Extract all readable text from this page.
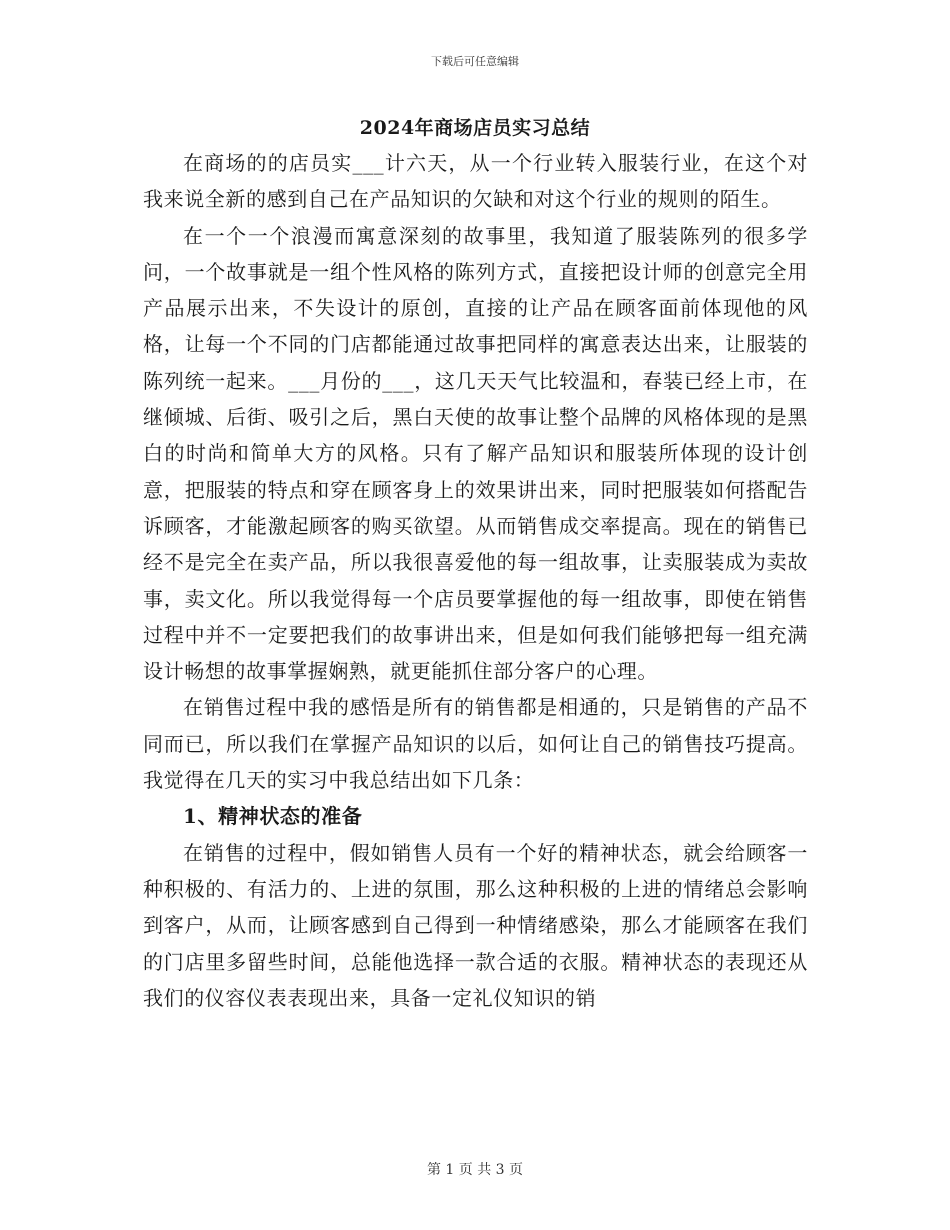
下载后可任意编辑
2024年商场店员实习总结

在商场的的店员实___计六天，从一个行业转入服装行业，在这个对我来说全新的感到自己在产品知识的欠缺和对这个行业的规则的陌生。

在一个一个浪漫而寓意深刻的故事里，我知道了服装陈列的很多学问，一个故事就是一组个性风格的陈列方式，直接把设计师的创意完全用产品展示出来，不失设计的原创，直接的让产品在顾客面前体现他的风格，让每一个不同的门店都能通过故事把同样的寓意表达出来，让服装的陈列统一起来。___月份的___，这几天天气比较温和，春装已经上市，在继倾城、后街、吸引之后，黑白天使的故事让整个品牌的风格体现的是黑白的时尚和简单大方的风格。只有了解产品知识和服装所体现的设计创意，把服装的特点和穿在顾客身上的效果讲出来，同时把服装如何搭配告诉顾客，才能激起顾客的购买欲望。从而销售成交率提高。现在的销售已经不是完全在卖产品，所以我很喜爱他的每一组故事，让卖服装成为卖故事，卖文化。所以我觉得每一个店员要掌握他的每一组故事，即使在销售过程中并不一定要把我们的故事讲出来，但是如何我们能够把每一组充满设计畅想的故事掌握娴熟，就更能抓住部分客户的心理。

在销售过程中我的感悟是所有的销售都是相通的，只是销售的产品不同而已，所以我们在掌握产品知识的以后，如何让自己的销售技巧提高。我觉得在几天的实习中我总结出如下几条：

1、精神状态的准备

在销售的过程中，假如销售人员有一个好的精神状态，就会给顾客一种积极的、有活力的、上进的氛围，那么这种积极的上进的情绪总会影响到客户，从而，让顾客感到自己得到一种情绪感染，那么才能顾客在我们的门店里多留些时间，总能他选择一款合适的衣服。精神状态的表现还从我们的仪容仪表表现出来，具备一定礼仪知识的销

第 1 页 共 3 页
